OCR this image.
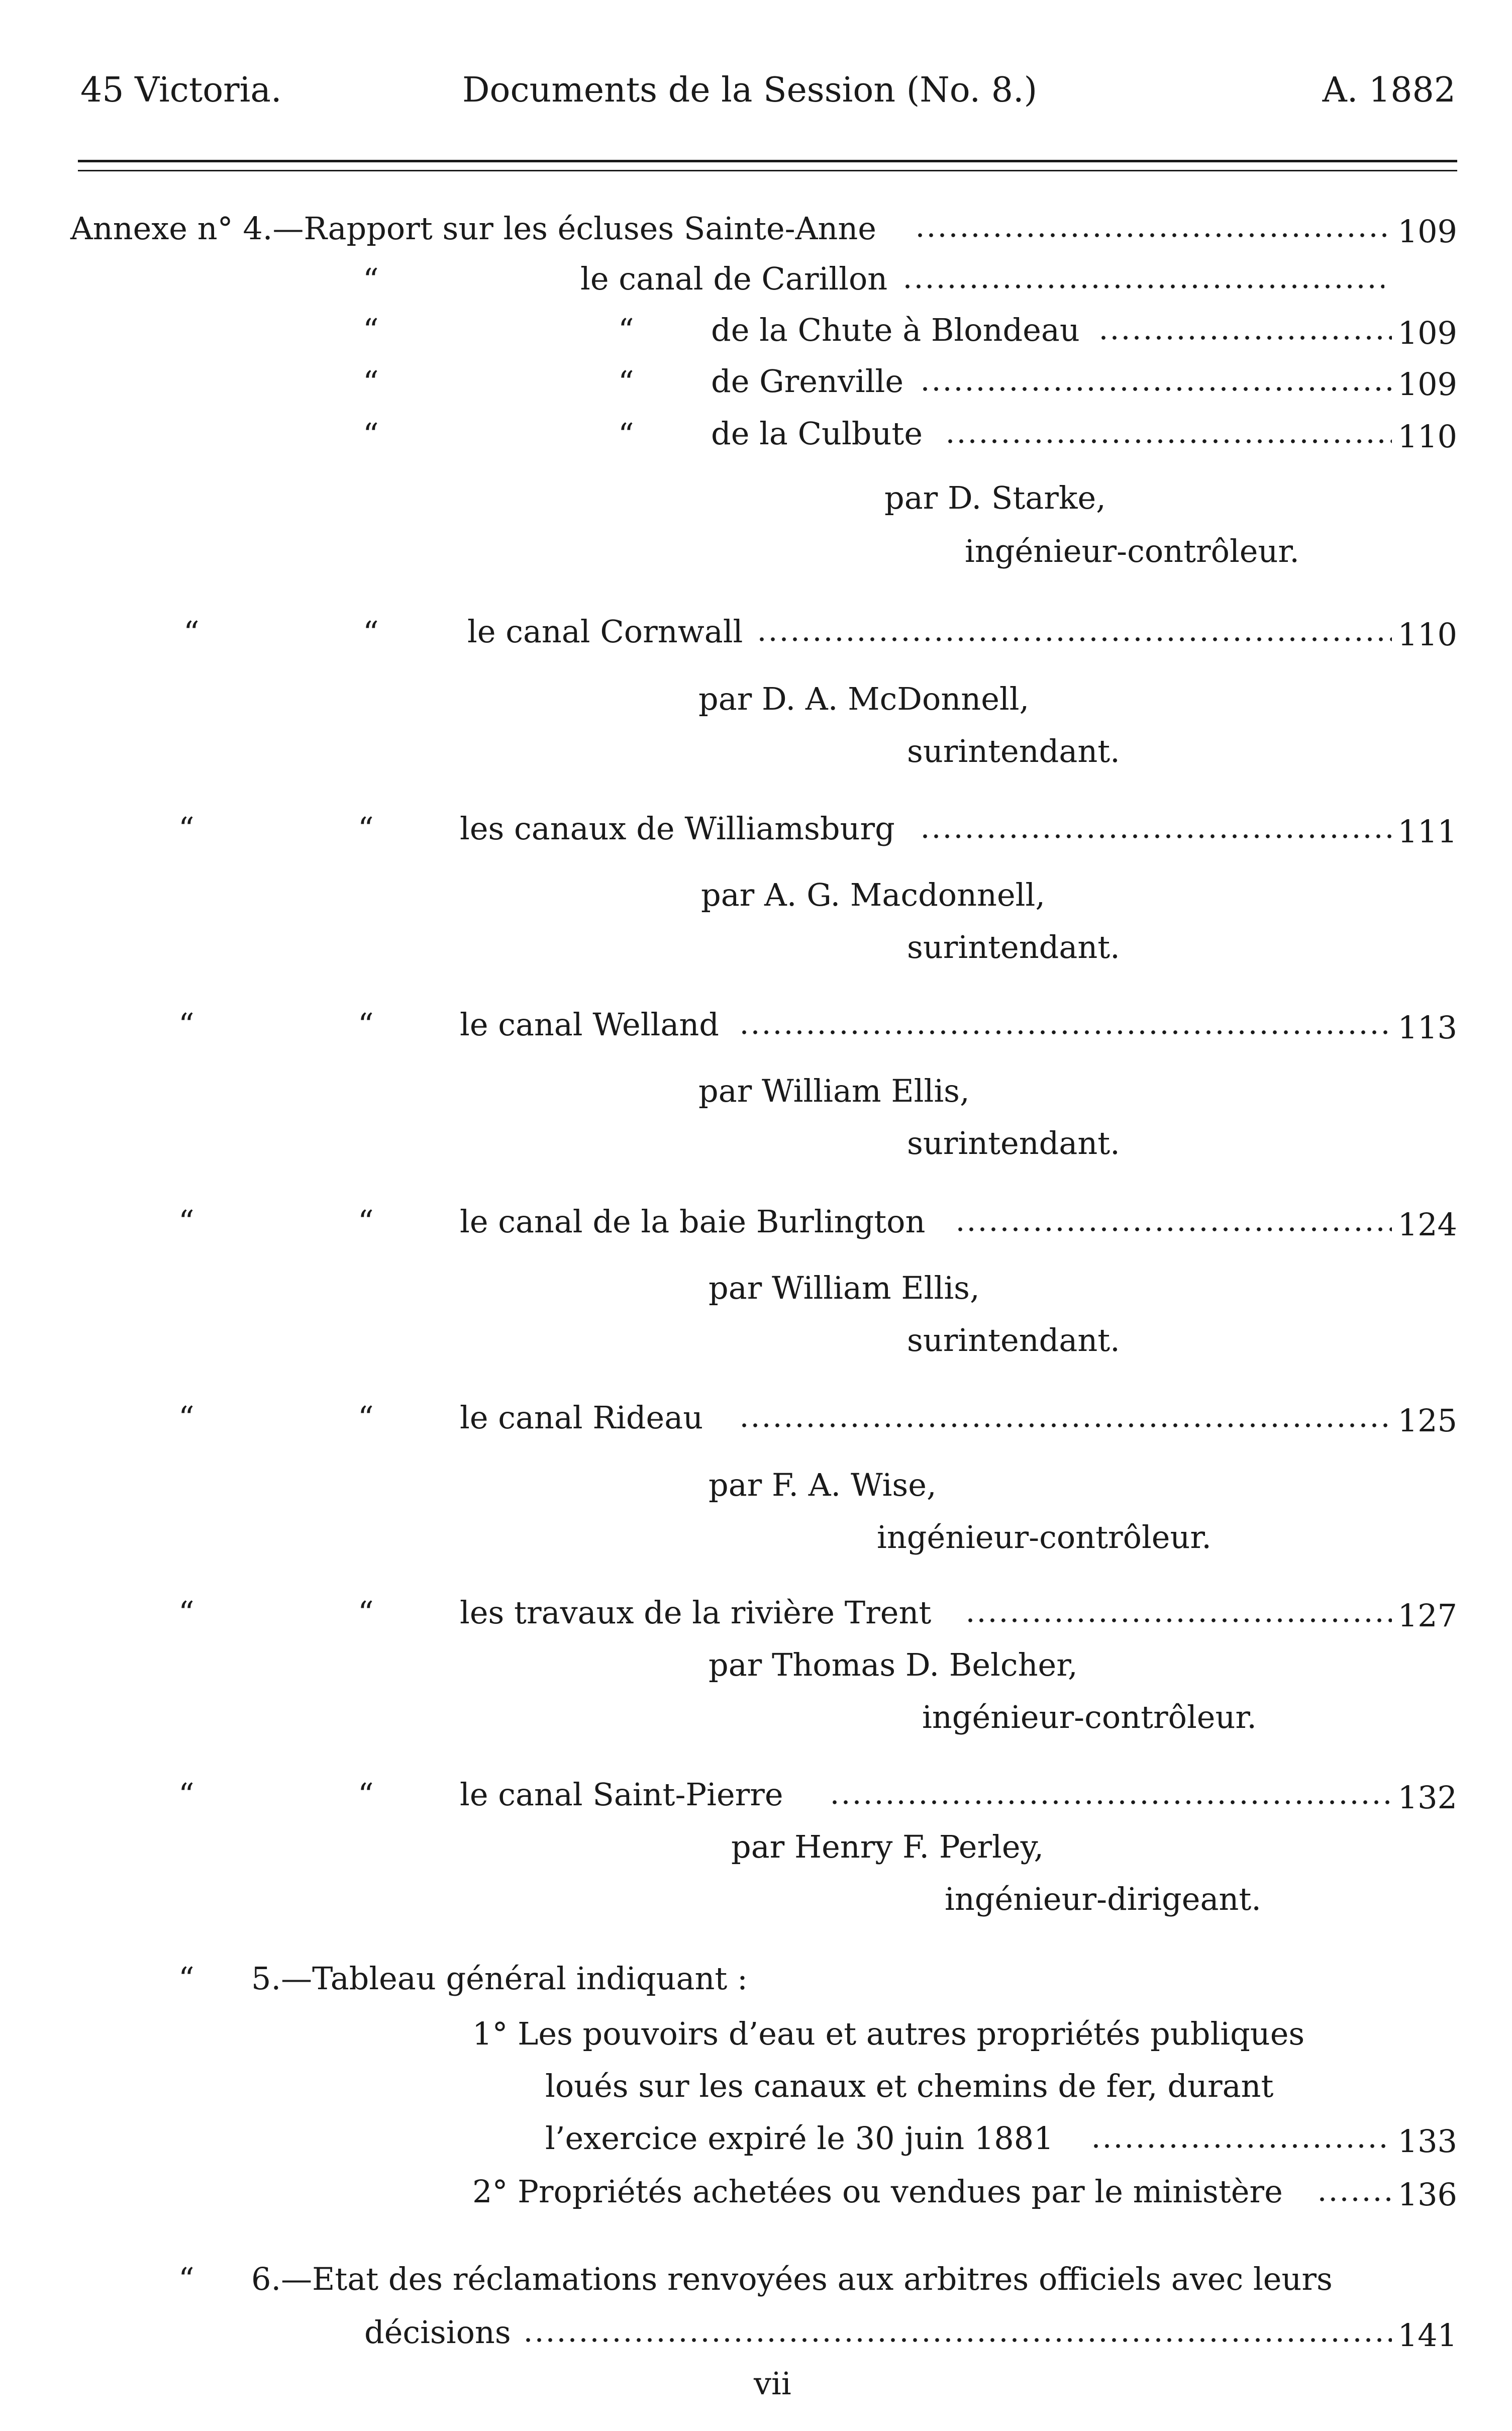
45 Victoria.	Documents de la Session (No. 8.)	A. 1882
Annexe n° 4.—Rapport sur les écluses Sainte-Anne	109
“	le canal de Carillon
“	“ de la Chute à Blondeau	109
“	“ de Grenville	109
“	“ de la Culbute	110
par D. Starke,
ingénieur-contrôleur.
“	“	le canal Cornwall	110
par D. A. McDonnell,
surintendant.
“	“	les canaux de Williamsburg	111
par A. G. Macdonnell,
surintendant.
“	“	le canal Welland	113
par William Ellis,
surintendant.
“	“	le canal de la baie Burlington	124
par William Ellis,
surintendant.
“	“	le canal Rideau	125
par F. A. Wise,
ingénieur-contrôleur.
“	“	les travaux de la rivière Trent	127
par Thomas D. Belcher,
ingénieur-contrôleur.
“	“	le canal Saint-Pierre	132
par Henry F. Perley,
ingénieur-dirigeant.
“ 5.—Tableau général indiquant :
1° Les pouvoirs d’eau et autres propriétés publiques
loués sur les canaux et chemins de fer, durant
l’exercice expiré le 30 juin 1881	133
2° Propriétés achetées ou vendues par le ministère	136
“ 6.—Etat des réclamations renvoyées aux arbitres officiels avec leurs
décisions	141
vii
